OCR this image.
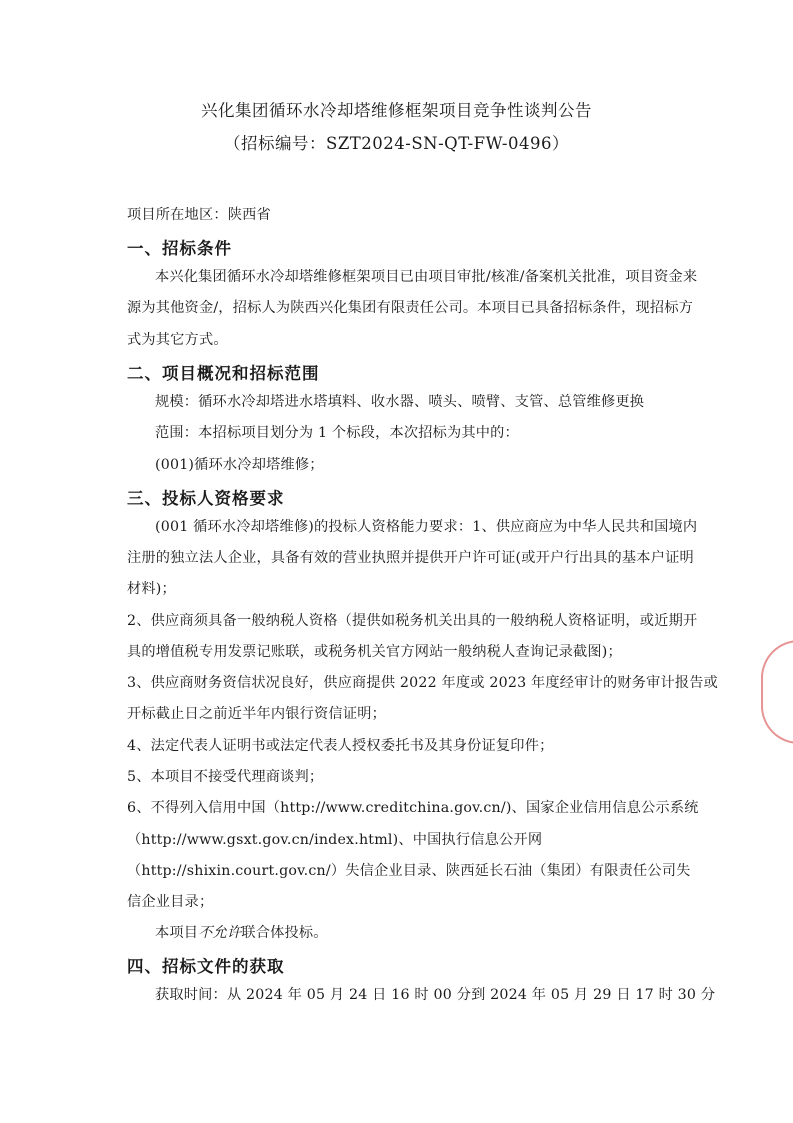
兴化集团循环水冷却塔维修框架项目竞争性谈判公告
（招标编号：SZT2024-SN-QT-FW-0496）
项目所在地区：陕西省
一、招标条件
本兴化集团循环水冷却塔维修框架项目已由项目审批/核准/备案机关批准，项目资金来
源为其他资金/，招标人为陕西兴化集团有限责任公司。本项目已具备招标条件，现招标方
式为其它方式。
二、项目概况和招标范围
规模：循环水冷却塔进水塔填料、收水器、喷头、喷臂、支管、总管维修更换
范围：本招标项目划分为 1 个标段，本次招标为其中的：
(001)循环水冷却塔维修；
三、投标人资格要求
(001 循环水冷却塔维修)的投标人资格能力要求：1、供应商应为中华人民共和国境内
注册的独立法人企业，具备有效的营业执照并提供开户许可证(或开户行出具的基本户证明
材料)；
2、供应商须具备一般纳税人资格（提供如税务机关出具的一般纳税人资格证明，或近期开
具的增值税专用发票记账联，或税务机关官方网站一般纳税人查询记录截图)；
3、供应商财务资信状况良好，供应商提供 2022 年度或 2023 年度经审计的财务审计报告或
开标截止日之前近半年内银行资信证明；
4、法定代表人证明书或法定代表人授权委托书及其身份证复印件；
5、本项目不接受代理商谈判；
6、不得列入信用中国（http://www.creditchina.gov.cn/)、国家企业信用信息公示系统
（http://www.gsxt.gov.cn/index.html)、中国执行信息公开网
（http://shixin.court.gov.cn/）失信企业目录、陕西延长石油（集团）有限责任公司失
信企业目录；
本项目不允许联合体投标。
四、招标文件的获取
获取时间：从 2024 年 05 月 24 日 16 时 00 分到 2024 年 05 月 29 日 17 时 30 分
